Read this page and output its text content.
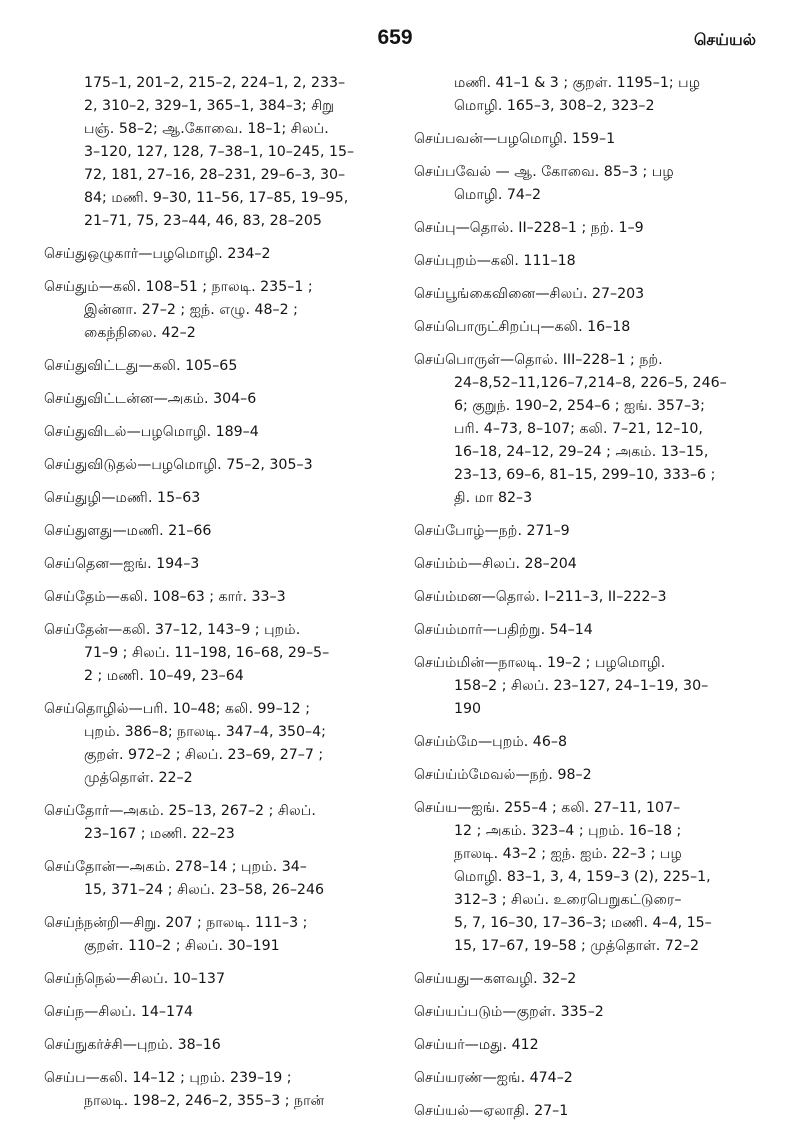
659	செய்யல்
175–1, 201–2, 215–2, 224–1, 2, 233–
2, 310–2, 329–1, 365–1, 384–3; சிறு
பஞ். 58–2; ஆ.கோவை. 18–1; சிலப்.
3–120, 127, 128, 7–38–1, 10–245, 15–
72, 181, 27–16, 28–231, 29–6–3, 30–
84; மணி. 9–30, 11–56, 17–85, 19–95,
21–71, 75, 23–44, 46, 83, 28–205
செய்துஒழுகார்—பழமொழி. 234–2
செய்தும்—கலி. 108–51 ; நாலடி. 235–1 ;
இன்னா. 27–2 ; ஐந். எழு. 48–2 ;
கைந்நிலை. 42–2
செய்துவிட்டது—கலி. 105–65
செய்துவிட்டன்ன—அகம். 304–6
செய்துவிடல்—பழமொழி. 189–4
செய்துவிடுதல்—பழமொழி. 75–2, 305–3
செய்துழி—மணி. 15–63
செய்துளது—மணி. 21–66
செய்தென—ஐங். 194–3
செய்தேம்—கலி. 108–63 ; கார். 33–3
செய்தேன்—கலி. 37–12, 143–9 ; புறம்.
71–9 ; சிலப். 11–198, 16–68, 29–5–
2 ; மணி. 10–49, 23–64
செய்தொழில்—பரி. 10–48; கலி. 99–12 ;
புறம். 386–8; நாலடி. 347–4, 350–4;
குறள். 972–2 ; சிலப். 23–69, 27–7 ;
முத்தொள். 22–2
செய்தோர்—அகம். 25–13, 267–2 ; சிலப்.
23–167 ; மணி. 22–23
செய்தோன்—அகம். 278–14 ; புறம். 34–
15, 371–24 ; சிலப். 23–58, 26–246
செய்ந்நன்றி—சிறு. 207 ; நாலடி. 111–3 ;
குறள். 110–2 ; சிலப். 30–191
செய்ந்நெல்—சிலப். 10–137
செய்ந—சிலப். 14–174
செய்நுகர்ச்சி—புறம். 38–16
செய்ப—கலி. 14–12 ; புறம். 239–19 ;
நாலடி. 198–2, 246–2, 355–3 ; நான்
மணி. 41–1 & 3 ; குறள். 1195–1; பழ
மொழி. 165–3, 308–2, 323–2
செய்பவன்—பழமொழி. 159–1
செய்பவேல் — ஆ. கோவை. 85–3 ; பழ
மொழி. 74–2
செய்பு—தொல். II–228–1 ; நற். 1–9
செய்புறம்—கலி. 111–18
செய்பூங்கைவினை—சிலப். 27–203
செய்பொருட்சிறப்பு—கலி. 16–18
செய்பொருள்—தொல். III–228–1 ; நற்.
24–8,52–11,126–7,214–8, 226–5, 246–
6; குறுந். 190–2, 254–6 ; ஐங். 357–3;
பரி. 4–73, 8–107; கலி. 7–21, 12–10,
16–18, 24–12, 29–24 ; அகம். 13–15,
23–13, 69–6, 81–15, 299–10, 333–6 ;
தி. மா 82–3
செய்போழ்—நற். 271–9
செய்ம்ம்—சிலப். 28–204
செய்ம்மன—தொல். I–211–3, II–222–3
செய்ம்மார்—பதிற்று. 54–14
செய்ம்மின்—நாலடி. 19–2 ; பழமொழி.
158–2 ; சிலப். 23–127, 24–1–19, 30–
190
செய்ம்மே—புறம். 46–8
செய்ய்ம்மேவல்—நற். 98–2
செய்ய—ஐங். 255–4 ; கலி. 27–11, 107–
12 ; அகம். 323–4 ; புறம். 16–18 ;
நாலடி. 43–2 ; ஐந். ஐம். 22–3 ; பழ
மொழி. 83–1, 3, 4, 159–3 (2), 225–1,
312–3 ; சிலப். உரைபெறுகட்டுரை–
5, 7, 16–30, 17–36–3; மணி. 4–4, 15–
15, 17–67, 19–58 ; முத்தொள். 72–2
செய்யது—களவழி. 32–2
செய்யப்படும்—குறள். 335–2
செய்யர்—மது. 412
செய்யரண்—ஐங். 474–2
செய்யல்—ஏலாதி. 27–1
